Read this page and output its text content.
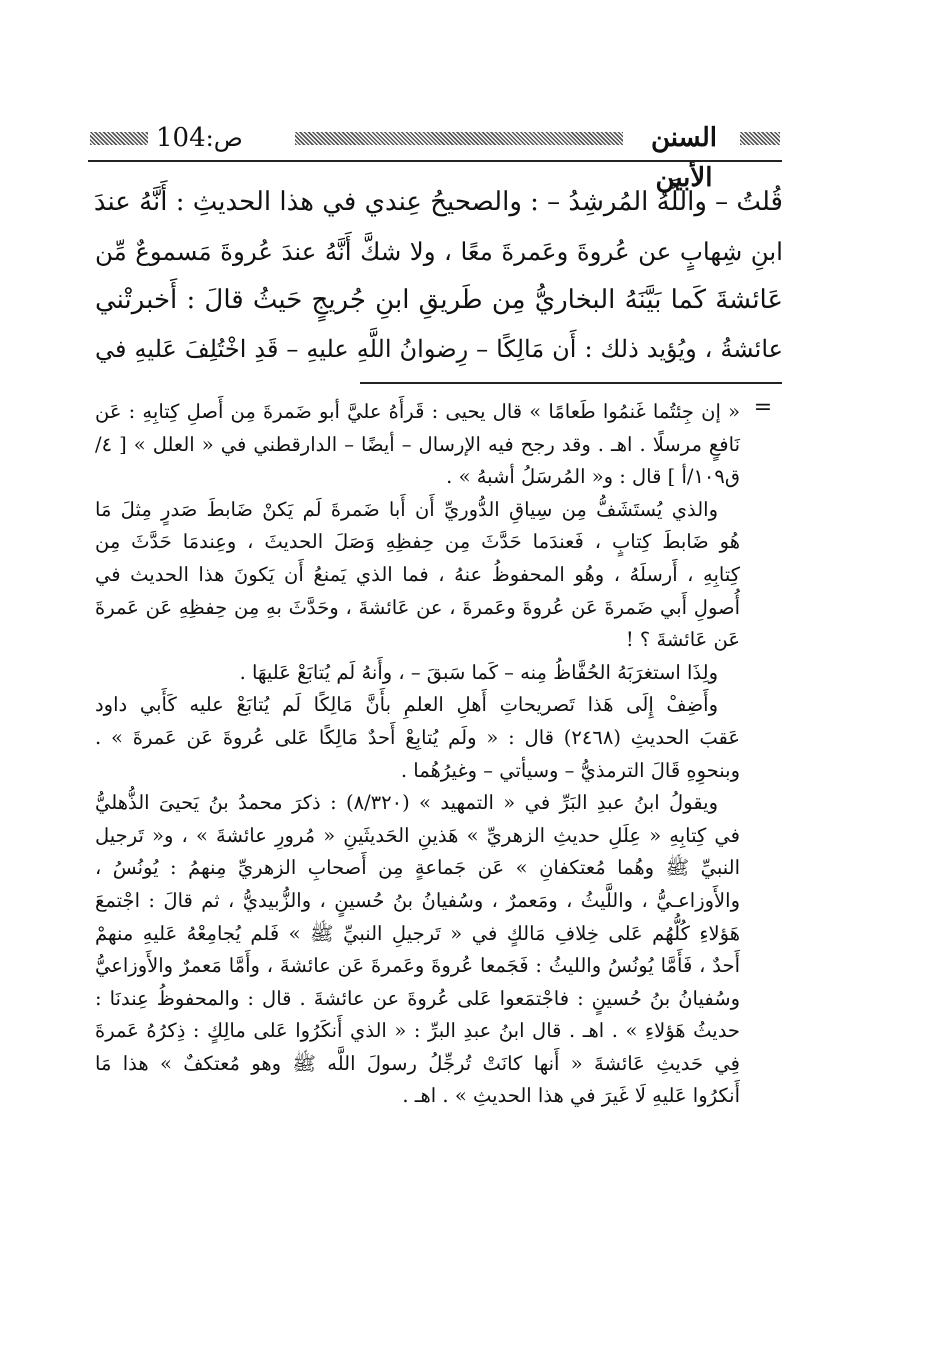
ص:104	السنن الأبين
قُلتُ – واللَّهُ المُرشِدُ – : والصحيحُ عِندي في هذا الحديثِ : أَنَّهُ عندَ
ابنِ شِهابٍ عن عُروةَ وعَمرةَ معًا ، ولا شكَّ أَنَّهُ عندَ عُروةَ مَسموعٌ مِّن
عَائشةَ كَما بَيَّنَهُ البخاريُّ مِن طَريقِ ابنِ جُريجٍ حَيثُ قالَ : أَخبرتْني
عائشةُ ، ويُؤيد ذلك : أَن مَالِكًا – رِضوانُ اللَّهِ عليهِ – قَدِ اخْتُلِفَ عَليهِ في
=
« إن جِئتُما غَنمُوا طَعامًا » قال يحيى : قَرأَهُ عليَّ أبو ضَمرةَ مِن أَصلِ كِتابِهِ : عَن
نَافعٍ مرسلًا . اهـ . وقد رجح فيه الإرسال – أيضًا – الدارقطني في « العلل » [ ٤/
ق١٠٩/أ ] قال : و« المُرسَلُ أشبهُ » .
والذي يُستَشَفُّ مِن سِياقِ الدُّوريِّ أَن أَبا ضَمرةَ لَم يَكنْ ضَابطَ صَدرٍ مِثلَ مَا
هُو ضَابطَ كِتابٍ ، فَعندَما حَدَّثَ مِن حِفظِهِ وَصَلَ الحديثَ ، وعِندمَا حَدَّثَ مِن
كِتابِهِ ، أَرسلَهُ ، وهُو المحفوظُ عنهُ ، فما الذي يَمنعُ أَن يَكونَ هذا الحديث في
أُصولِ أَبي ضَمرةَ عَن عُروةَ وعَمرةَ ، عن عَائشةَ ، وحَدَّثَ بهِ مِن حِفظِهِ عَن عَمرةَ
عَن عَائشةَ ؟ !
ولِذَا استغرَبَهُ الحُفَّاظُ مِنه – كَما سَبقَ – ، وأَنهُ لَم يُتابَعْ عَليهَا .
وأَضِفْ إِلَى هَذا تَصريحاتِ أَهلِ العلمِ بأَنَّ مَالِكًا لَم يُتابَعْ عليه كَأَبي داود
عَقبَ الحديثِ (٢٤٦٨) قال : « ولَم يُتابِعْ أَحدٌ مَالِكًا عَلى عُروةَ عَن عَمرةَ » .
وبنحوِهِ قَالَ الترمذيُّ – وسيأتي – وغيرُهُما .
ويقولُ ابنُ عبدِ البَرِّ في « التمهيد » (٨/٣٢٠) : ذكرَ محمدُ بنُ يَحيىَ الذُّهليُّ
في كِتابِهِ « عِلَلِ حديثِ الزهريِّ » هَذينِ الحَديثَينِ « مُرورِ عائشةَ » ، و« تَرجيل
النبيِّ ﷺ وهُما مُعتكفانِ » عَن جَماعةٍ مِن أَصحابِ الزهريِّ مِنهمُ : يُونُسُ ،
والأَوزاعـيُّ ، واللَّيثُ ، ومَعمرٌ ، وسُفيانُ بنُ حُسينٍ ، والزُّبيديُّ ، ثم قالَ : اجْتمعَ
هَؤلاءِ كُلُّهُم عَلى خِلافِ مَالكٍ في « تَرجيلِ النبيِّ ﷺ » فَلم يُجامِعْهُ عَليهِ منهمْ
أَحدٌ ، فَأَمَّا يُونُسُ والليثُ : فَجَمعا عُروةَ وعَمرةَ عَن عائشةَ ، وأَمَّا مَعمرٌ والأَوزاعيُّ
وسُفيانُ بنُ حُسينٍ : فاجْتمَعوا عَلى عُروةَ عن عائشةَ . قال : والمحفوظُ عِندنَا :
حديثُ هَؤلاءِ » . اهـ . قال ابنُ عبدِ البرِّ : « الذي أَنكَرُوا عَلى مالِكٍ : ذِكرُهُ عَمرةَ
فِي حَديثِ عَائشةَ « أَنها كانَتْ تُرجِّلُ رسولَ اللَّه ﷺ وهو مُعتكفٌ » هذا مَا
أَنكرُوا عَليهِ لَا غَيرَ في هذا الحديثِ » . اهـ .
